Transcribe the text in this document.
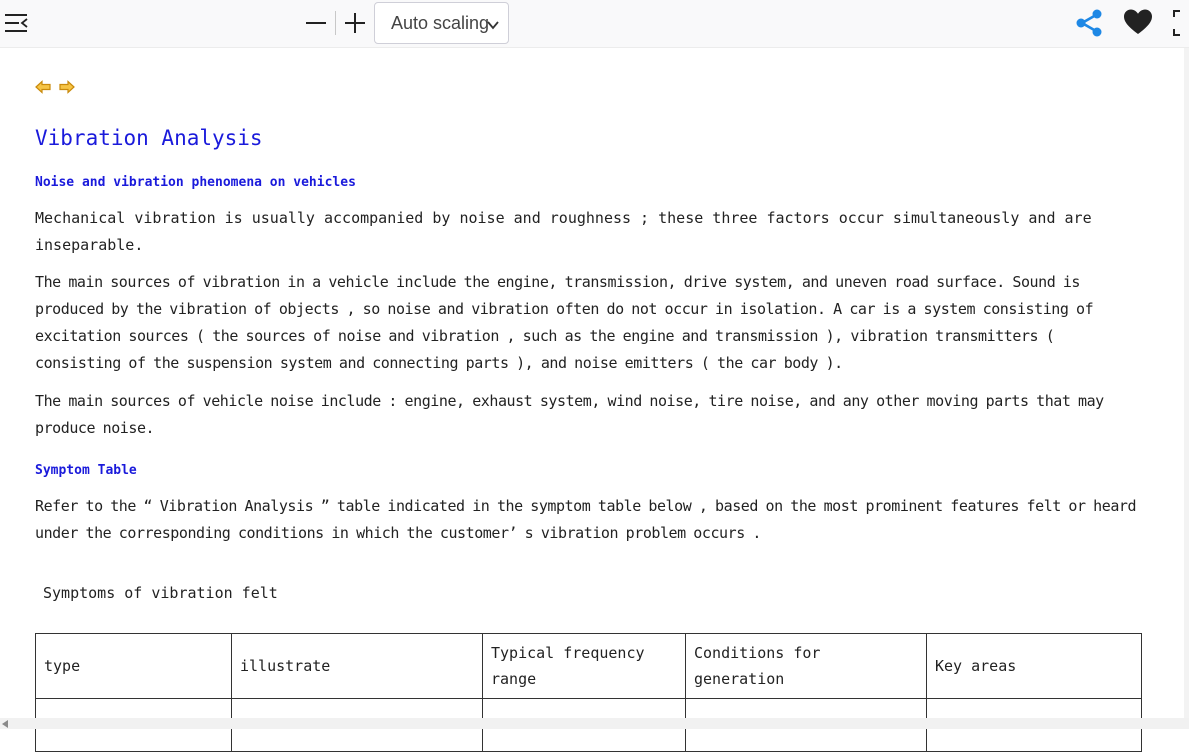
Auto scaling
Vibration Analysis
Noise and vibration phenomena on vehicles

Mechanical vibration is usually accompanied by noise and roughness ; these three factors occur simultaneously and are inseparable.

The main sources of vibration in a vehicle include the engine, transmission, drive system, and uneven road surface. Sound is produced by the vibration of objects , so noise and vibration often do not occur in isolation. A car is a system consisting of excitation sources ( the sources of noise and vibration , such as the engine and transmission ), vibration transmitters ( consisting of the suspension system and connecting parts ), and noise emitters ( the car body ).

The main sources of vehicle noise include : engine, exhaust system, wind noise, tire noise, and any other moving parts that may produce noise.

Symptom Table

Refer to the “ Vibration Analysis ” table indicated in the symptom table below , based on the most prominent features felt or heard under the corresponding conditions in which the customer’ s vibration problem occurs .

Symptoms of vibration felt

type	illustrate	Typical frequency range	Conditions for generation	Key areas
